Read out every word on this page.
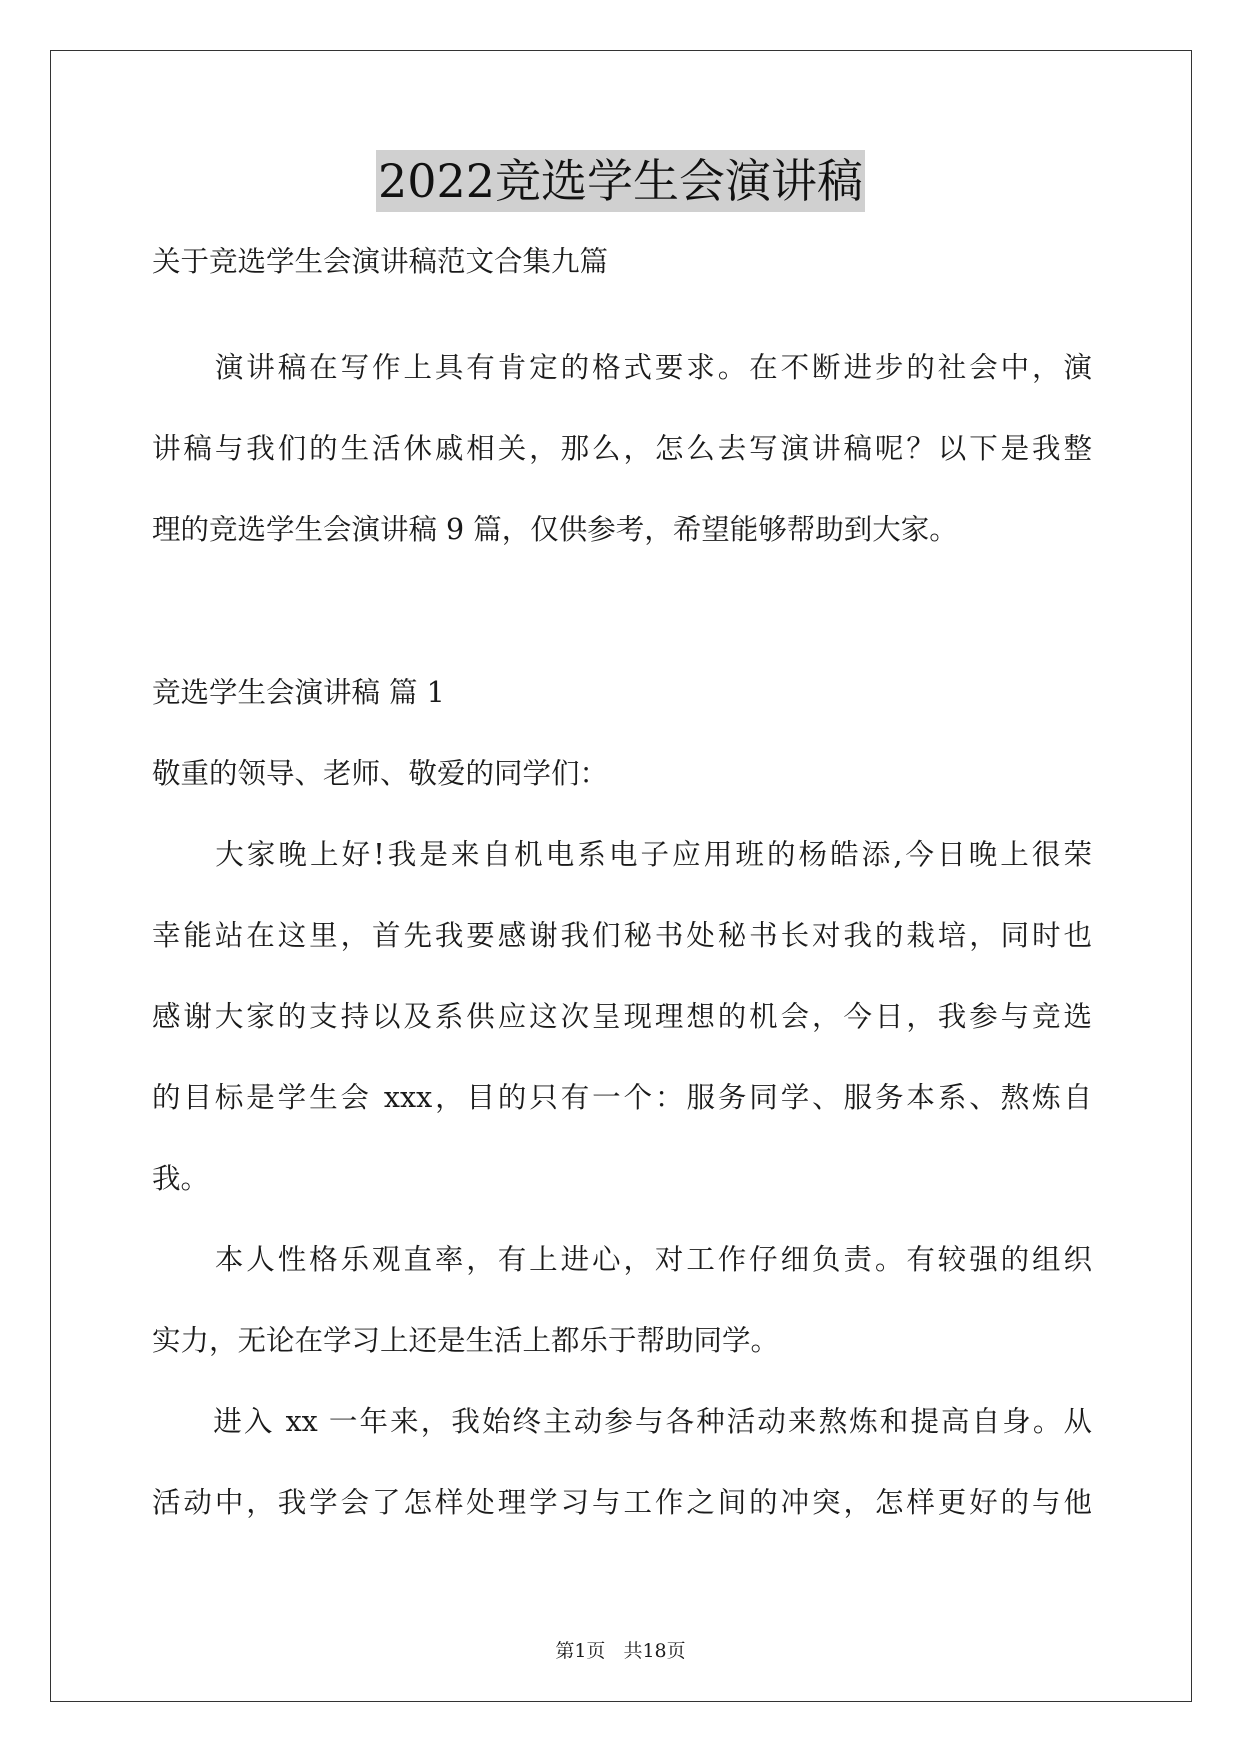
2022竞选学生会演讲稿
关于竞选学生会演讲稿范文合集九篇
　　演讲稿在写作上具有肯定的格式要求。在不断进步的社会中，演
讲稿与我们的生活休戚相关，那么，怎么去写演讲稿呢？以下是我整
理的竞选学生会演讲稿 9 篇，仅供参考，希望能够帮助到大家。
竞选学生会演讲稿 篇 1
敬重的领导、老师、敬爱的同学们：
　　大家晚上好!我是来自机电系电子应用班的杨皓添,今日晚上很荣
幸能站在这里，首先我要感谢我们秘书处秘书长对我的栽培，同时也
感谢大家的支持以及系供应这次呈现理想的机会，今日，我参与竞选
的目标是学生会 xxx，目的只有一个：服务同学、服务本系、熬炼自
我。
　　本人性格乐观直率，有上进心，对工作仔细负责。有较强的组织
实力，无论在学习上还是生活上都乐于帮助同学。
　　进入 xx 一年来，我始终主动参与各种活动来熬炼和提高自身。从
活动中，我学会了怎样处理学习与工作之间的冲突，怎样更好的与他
第1页 共18页
